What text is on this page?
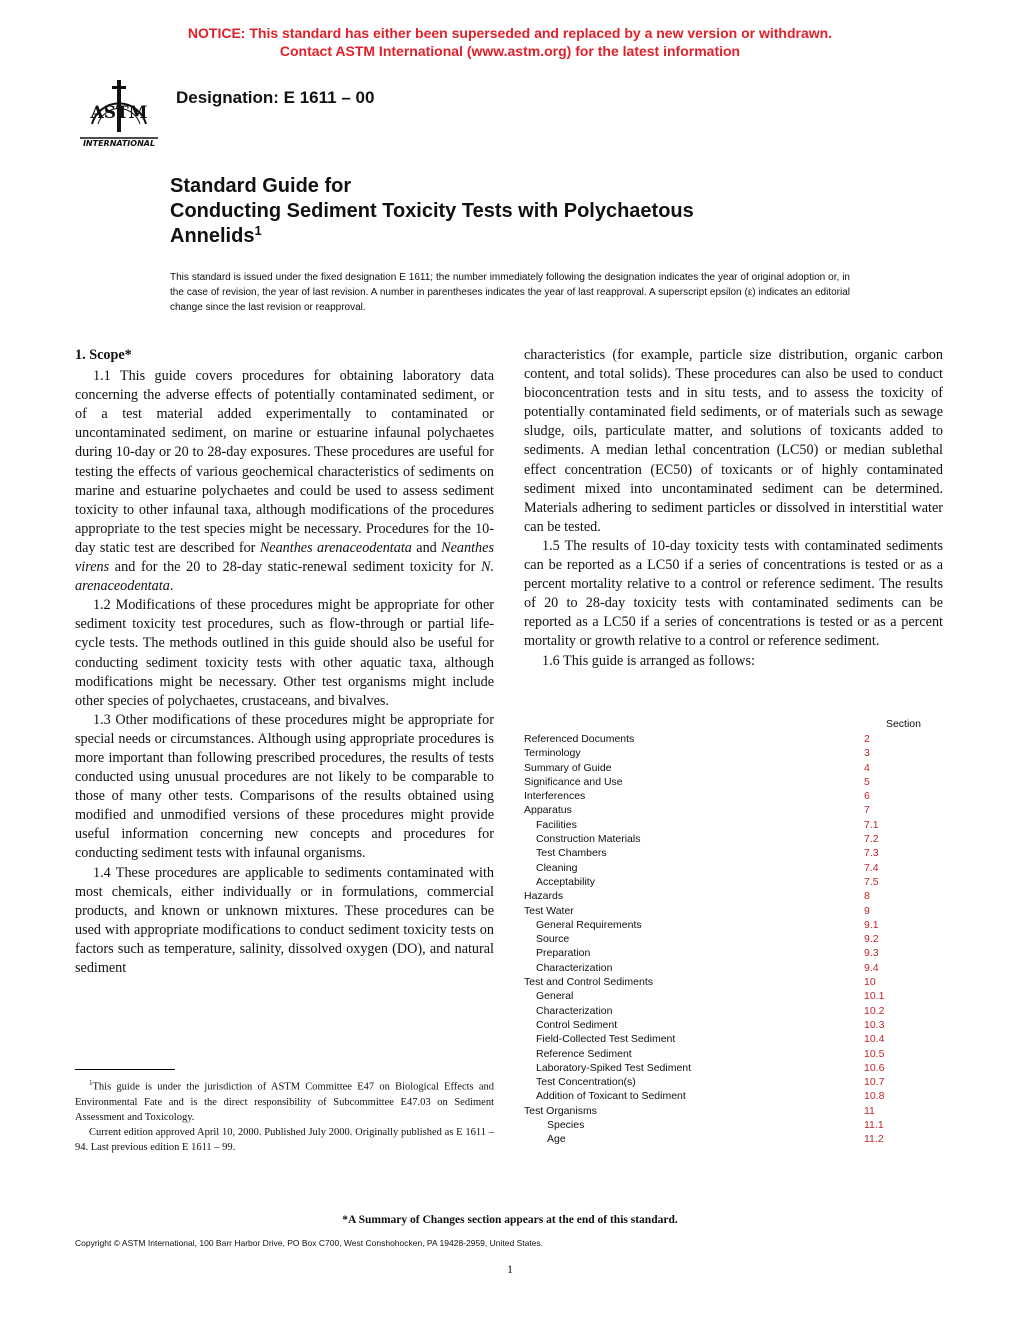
NOTICE: This standard has either been superseded and replaced by a new version or withdrawn.
Contact ASTM International (www.astm.org) for the latest information
ASTM
INTERNATIONAL
Designation: E 1611 – 00
Standard Guide for
Conducting Sediment Toxicity Tests with Polychaetous
Annelids$^1$
This standard is issued under the fixed designation E 1611; the number immediately following the designation indicates the year of original adoption or, in the case of revision, the year of last revision. A number in parentheses indicates the year of last reapproval. A superscript epsilon (ε) indicates an editorial change since the last revision or reapproval.

1. Scope*

1.1 This guide covers procedures for obtaining laboratory data concerning the adverse effects of potentially contaminated sediment, or of a test material added experimentally to contaminated or uncontaminated sediment, on marine or estuarine infaunal polychaetes during 10-day or 20 to 28-day exposures. These procedures are useful for testing the effects of various geochemical characteristics of sediments on marine and estuarine polychaetes and could be used to assess sediment toxicity to other infaunal taxa, although modifications of the procedures appropriate to the test species might be necessary. Procedures for the 10-day static test are described for Neanthes arenaceodentata and Neanthes virens and for the 20 to 28-day static-renewal sediment toxicity for N. arenaceodentata.

1.2 Modifications of these procedures might be appropriate for other sediment toxicity test procedures, such as flow-through or partial life-cycle tests. The methods outlined in this guide should also be useful for conducting sediment toxicity tests with other aquatic taxa, although modifications might be necessary. Other test organisms might include other species of polychaetes, crustaceans, and bivalves.

1.3 Other modifications of these procedures might be appropriate for special needs or circumstances. Although using appropriate procedures is more important than following prescribed procedures, the results of tests conducted using unusual procedures are not likely to be comparable to those of many other tests. Comparisons of the results obtained using modified and unmodified versions of these procedures might provide useful information concerning new concepts and procedures for conducting sediment tests with infaunal organisms.

1.4 These procedures are applicable to sediments contaminated with most chemicals, either individually or in formulations, commercial products, and known or unknown mixtures. These procedures can be used with appropriate modifications to conduct sediment toxicity tests on factors such as temperature, salinity, dissolved oxygen (DO), and natural sediment

characteristics (for example, particle size distribution, organic carbon content, and total solids). These procedures can also be used to conduct bioconcentration tests and in situ tests, and to assess the toxicity of potentially contaminated field sediments, or of materials such as sewage sludge, oils, particulate matter, and solutions of toxicants added to sediments. A median lethal concentration (LC50) or median sublethal effect concentration (EC50) of toxicants or of highly contaminated sediment mixed into uncontaminated sediment can be determined. Materials adhering to sediment particles or dissolved in interstitial water can be tested.

1.5 The results of 10-day toxicity tests with contaminated sediments can be reported as a LC50 if a series of concentrations is tested or as a percent mortality relative to a control or reference sediment. The results of 20 to 28-day toxicity tests with contaminated sediments can be reported as a LC50 if a series of concentrations is tested or as a percent mortality or growth relative to a control or reference sediment.

1.6 This guide is arranged as follows:

Section
Referenced Documents	2
Terminology	3
Summary of Guide	4
Significance and Use	5
Interferences	6
Apparatus	7
Facilities	7.1
Construction Materials	7.2
Test Chambers	7.3
Cleaning	7.4
Acceptability	7.5
Hazards	8
Test Water	9
General Requirements	9.1
Source	9.2
Preparation	9.3
Characterization	9.4
Test and Control Sediments	10
General	10.1
Characterization	10.2
Control Sediment	10.3
Field-Collected Test Sediment	10.4
Reference Sediment	10.5
Laboratory-Spiked Test Sediment	10.6
Test Concentration(s)	10.7
Addition of Toxicant to Sediment	10.8
Test Organisms	11
Species	11.1
Age	11.2

$^1$This guide is under the jurisdiction of ASTM Committee E47 on Biological Effects and Environmental Fate and is the direct responsibility of Subcommittee E47.03 on Sediment Assessment and Toxicology.

Current edition approved April 10, 2000. Published July 2000. Originally published as E 1611 – 94. Last previous edition E 1611 – 99.

*A Summary of Changes section appears at the end of this standard.
Copyright © ASTM International, 100 Barr Harbor Drive, PO Box C700, West Conshohocken, PA 19428-2959, United States.
1
